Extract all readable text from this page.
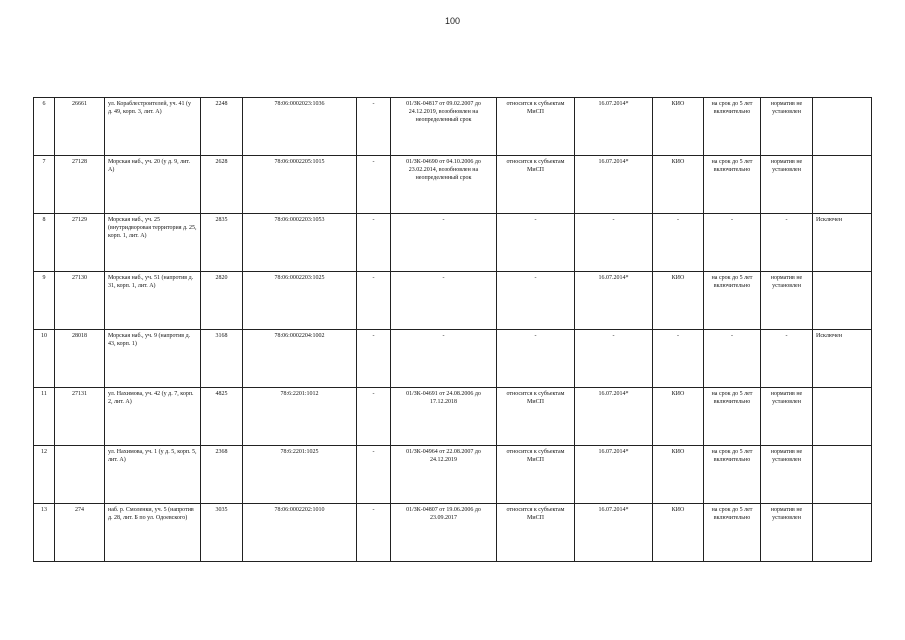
100
6	26661	ул. Кораблестроителей, уч. 41 (у д. 49, корп. 3, лит. А)	2248	78:06:0002023:1036	-	01/ЗК-04817 от 09.02.2007 до 24.12.2019, возобновлен на неопределенный срок	относится к субъектам МиСП	16.07.2014*	КИО	на срок до 5 лет включительно	норматив не установлен	
7	27128	Морская наб., уч. 20 (у д. 9, лит. А)	2628	78:06:0002205:1015	-	01/ЗК-04690 от 04.10.2006 до 23.02.2014, возобновлен на неопределенный срок	относится к субъектам МиСП	16.07.2014*	КИО	на срок до 5 лет включительно	норматив не установлен	
8	27129	Морская наб., уч. 25 (внутридворовая территория д. 25, корп. 1, лит. А)	2835	78:06:0002203:1053	-	-	-	-	-	-	-	Исключен
9	27130	Морская наб., уч. 51 (напротив д. 31, корп. 1, лит. А)	2820	78:06:0002203:1025	-	-	-	16.07.2014*	КИО	на срок до 5 лет включительно	норматив не установлен	
10	28018	Морская наб., уч. 9 (напротив д. 43, корп. 1)	3168	78:06:0002204:1002	-	-	-	-	-	-	-	Исключен
11	27131	ул. Нахимова, уч. 42 (у д. 7, корп. 2, лит. А)	4825	78:6:2201:1012	-	01/ЗК-04691 от 24.08.2006 до 17.12.2018	относится к субъектам МиСП	16.07.2014*	КИО	на срок до 5 лет включительно	норматив не установлен	
12		ул. Нахимова, уч. 1 (у д. 5, корп. 5, лит. А)	2368	78:6:2201:1025	-	01/ЗК-04964 от 22.08.2007 до 24.12.2019	относится к субъектам МиСП	16.07.2014*	КИО	на срок до 5 лет включительно	норматив не установлен	
13	274	наб. р. Смоленки, уч. 5 (напротив д. 28, лит. Б по ул. Одоевского)	3035	78:06:0002202:1010	-	01/ЗК-04807 от 19.06.2006 до 23.09.2017	относится к субъектам МиСП	16.07.2014*	КИО	на срок до 5 лет включительно	норматив не установлен	
